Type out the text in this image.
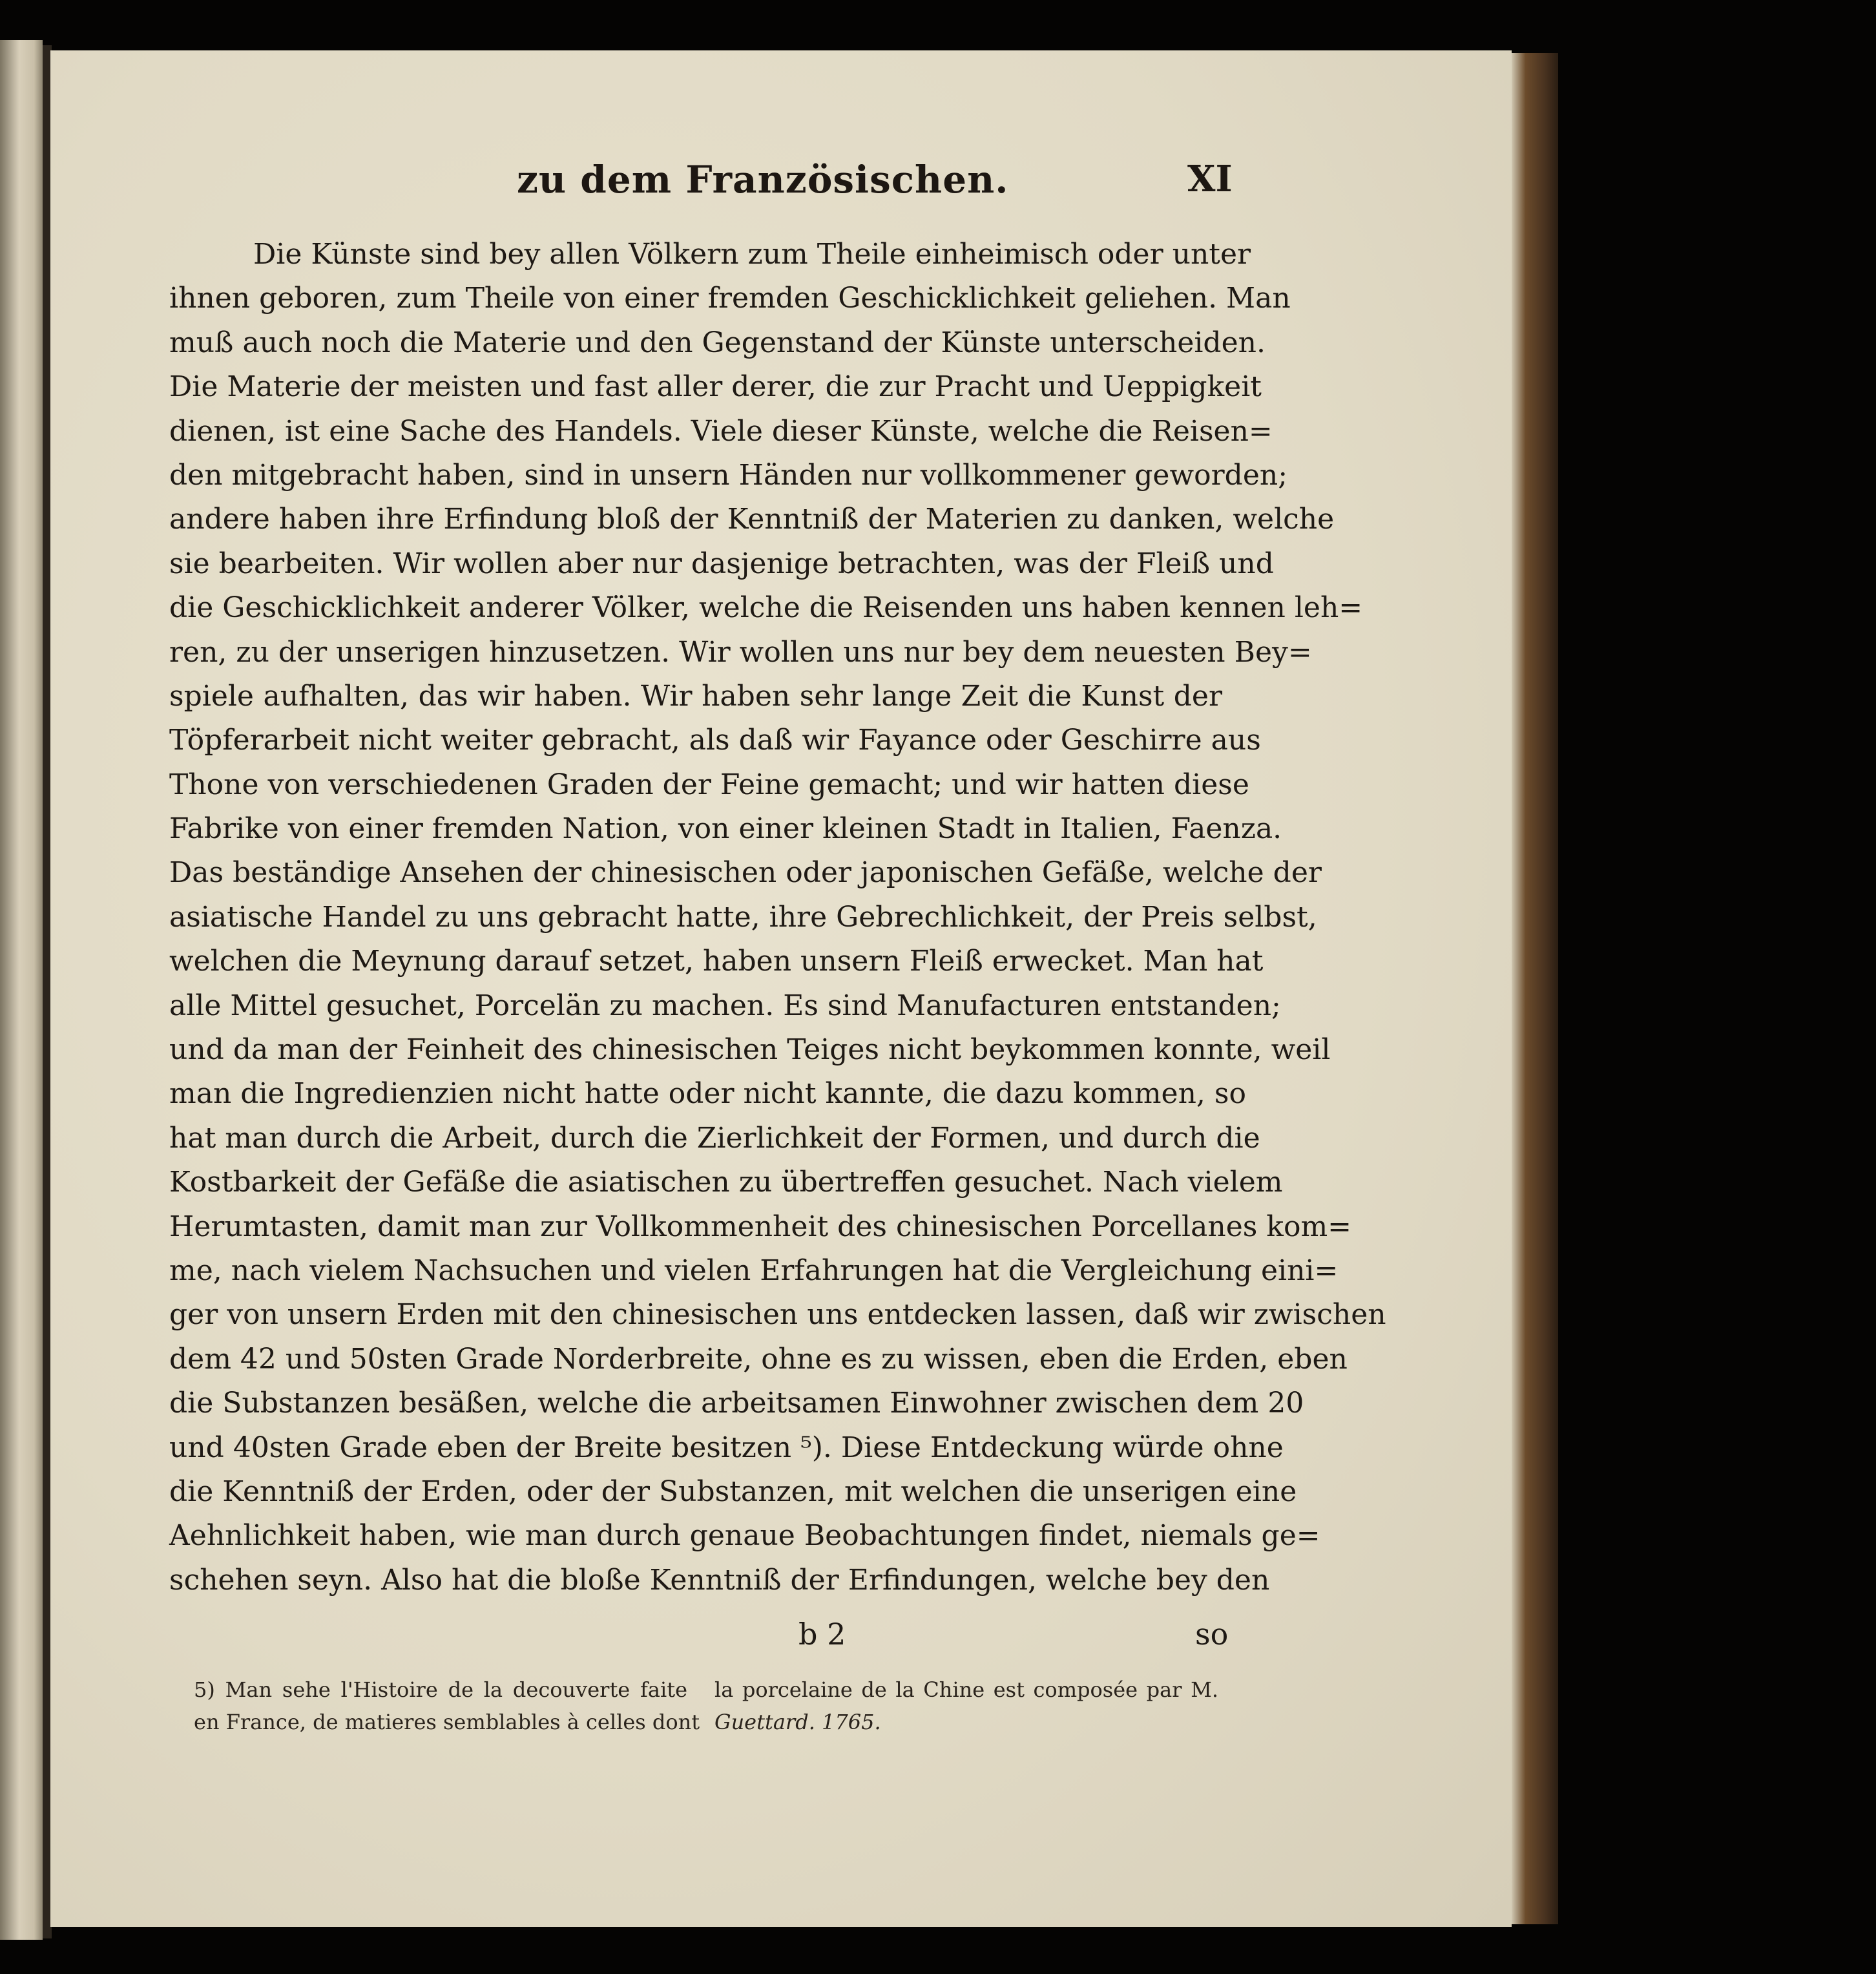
zu dem Französischen.	XI
Die Künste sind bey allen Völkern zum Theile einheimisch oder unter
ihnen geboren, zum Theile von einer fremden Geschicklichkeit geliehen. Man
muß auch noch die Materie und den Gegenstand der Künste unterscheiden.
Die Materie der meisten und fast aller derer, die zur Pracht und Ueppigkeit
dienen, ist eine Sache des Handels. Viele dieser Künste, welche die Reisen=
den mitgebracht haben, sind in unsern Händen nur vollkommener geworden;
andere haben ihre Erfindung bloß der Kenntniß der Materien zu danken, welche
sie bearbeiten. Wir wollen aber nur dasjenige betrachten, was der Fleiß und
die Geschicklichkeit anderer Völker, welche die Reisenden uns haben kennen leh=
ren, zu der unserigen hinzusetzen. Wir wollen uns nur bey dem neuesten Bey=
spiele aufhalten, das wir haben. Wir haben sehr lange Zeit die Kunst der
Töpferarbeit nicht weiter gebracht, als daß wir Fayance oder Geschirre aus
Thone von verschiedenen Graden der Feine gemacht; und wir hatten diese
Fabrike von einer fremden Nation, von einer kleinen Stadt in Italien, Faenza.
Das beständige Ansehen der chinesischen oder japonischen Gefäße, welche der
asiatische Handel zu uns gebracht hatte, ihre Gebrechlichkeit, der Preis selbst,
welchen die Meynung darauf setzet, haben unsern Fleiß erwecket. Man hat
alle Mittel gesuchet, Porcelän zu machen. Es sind Manufacturen entstanden;
und da man der Feinheit des chinesischen Teiges nicht beykommen konnte, weil
man die Ingredienzien nicht hatte oder nicht kannte, die dazu kommen, so
hat man durch die Arbeit, durch die Zierlichkeit der Formen, und durch die
Kostbarkeit der Gefäße die asiatischen zu übertreffen gesuchet. Nach vielem
Herumtasten, damit man zur Vollkommenheit des chinesischen Porcellanes kom=
me, nach vielem Nachsuchen und vielen Erfahrungen hat die Vergleichung eini=
ger von unsern Erden mit den chinesischen uns entdecken lassen, daß wir zwischen
dem 42 und 50sten Grade Norderbreite, ohne es zu wissen, eben die Erden, eben
die Substanzen besäßen, welche die arbeitsamen Einwohner zwischen dem 20
und 40sten Grade eben der Breite besitzen ⁵). Diese Entdeckung würde ohne
die Kenntniß der Erden, oder der Substanzen, mit welchen die unserigen eine
Aehnlichkeit haben, wie man durch genaue Beobachtungen findet, niemals ge=
schehen seyn. Also hat die bloße Kenntniß der Erfindungen, welche bey den
b 2	so
5) Man sehe l'Histoire de la decouverte faite
en France, de matieres semblables à celles dont
la porcelaine de la Chine est composée par M.
Guettard. 1765.
